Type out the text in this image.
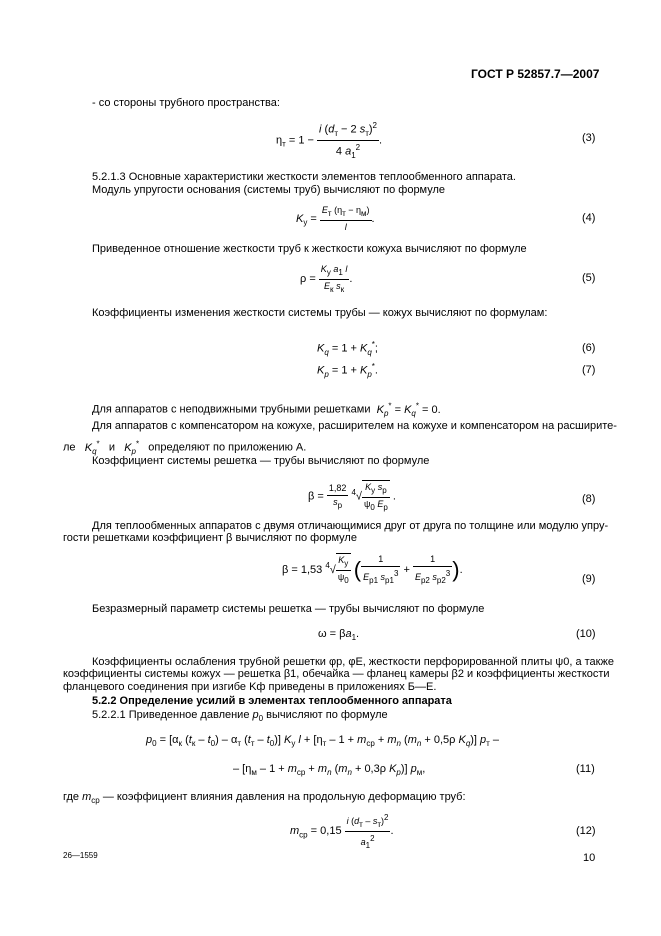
ГОСТ Р 52857.7—2007
- со стороны трубного пространства:
$\eta_т = 1 - \frac{i (d_т - 2 s_т)^2}{4 a_1^2}$ .	(3)
5.2.1.3 Основные характеристики жесткости элементов теплообменного аппарата.
Модуль упругости основания (системы труб) вычисляют по формуле
$K_y = \frac{E_т (\eta_т - \eta_м)}{l}$ .	(4)
Приведенное отношение жесткости труб к жесткости кожуха вычисляют по формуле
$\rho = \frac{K_y a_1 l}{E_к s_к}$ .	(5)
Коэффициенты изменения жесткости системы трубы — кожух вычисляют по формулам:
$K_q = 1 + K_q^*$;	(6)
$K_p = 1 + K_p^*$.	(7)
Для аппаратов с неподвижными трубными решетками $K_p^* = K_q^* = 0$.
Для аппаратов с компенсатором на кожухе, расширителем на кожухе и компенсатором на расширите-
ле $K_q^*$ и $K_p^*$ определяют по приложению А.
Коэффициент системы решетка — трубы вычисляют по формуле
$\beta = \frac{1,82}{s_р} ^4√ \frac{K_y s_р}{\psi_0 E_р}$ .	(8)
Для теплообменных аппаратов с двумя отличающимися друг от друга по толщине или модулю упру-
гости решетками коэффициент β вычисляют по формуле
β = 1,53 $^4√ \frac{K_y}{\psi_0}$ ( $\frac{1}{E_{р1} s_{р1}^3} + \frac{1}{E_{р2} s_{р2}^3}$ ).
(9)
Безразмерный параметр системы решетка — трубы вычисляют по формуле
$\omega = \beta a_1$.	(10)
Коэффициенты ослабления трубной решетки φp, φE, жесткости перфорированной плиты ψ0, а также
коэффициенты системы кожух — решетка β1, обечайка — фланец камеры β2 и коэффициенты жесткости
фланцевого соединения при изгибе Kф приведены в приложениях Б—Е.
5.2.2 Определение усилий в элементах теплообменного аппарата
5.2.2.1 Приведенное давление $p_0$ вычисляют по формуле
$p_0 = [\alpha_к$ $(t_к - t_0) - \alpha_т$ $(t_т - t_0)$] $K_y$ $l + [\eta_т - 1 + m_{ср} + m_n$ ($m_n + 0,5\rho$ $K_q$)] $p_т$ –
– [$\eta_м - 1 + m_{ср} + m_n$ ($m_n + 0,3\rho$ $K_p$)] $p_м$,	(11)
где $m_{ср}$ — коэффициент влияния давления на продольную деформацию труб:
$m_{ср} = 0,15 \frac{i (d_т - s_т)^2}{a_1^2}$ .	(12)
26—1559	10
